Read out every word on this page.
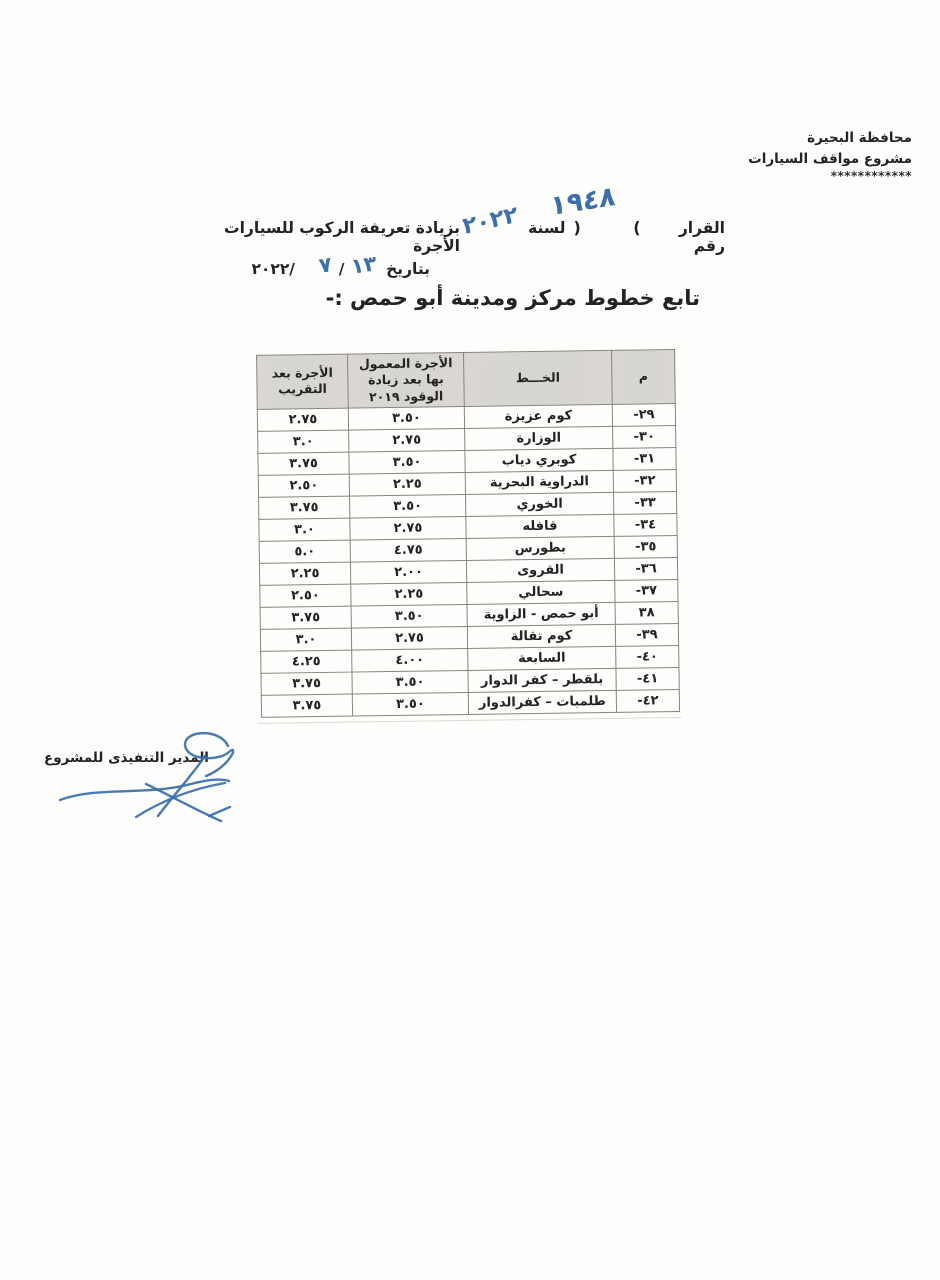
محافظة البحيرة
مشروع مواقف السيارات
************
١٩٤٨
بزيادة تعريفة الركوب للسيارات الأجرة
٢٠٢٢ لسنة )	(	القرار رقم
٢٠٢٢ / ٧ / ١٣ بتاريخ
تابع خطوط مركز ومدينة أبو حمص :-
م	الخـــط	الأجرة المعمول بها بعد زيادة الوقود ٢٠١٩	الأجرة بعد التقريب
-٢٩	كوم عزيزة	٣.٥٠	٢.٧٥
-٣٠	الوزارة	٢.٧٥	٣.٠
-٣١	كوبري دياب	٣.٥٠	٣.٧٥
-٣٢	الدراوية البحرية	٢.٢٥	٢.٥٠
-٣٣	الخوري	٣.٥٠	٣.٧٥
-٣٤	قافله	٢.٧٥	٣.٠
-٣٥	بطورس	٤.٧٥	٥.٠
-٣٦	القروى	٢.٠٠	٢.٢٥
-٣٧	سحالي	٢.٢٥	٢.٥٠
٣٨	أبو حمص - الزاوية	٣.٥٠	٣.٧٥
-٣٩	كوم تقالة	٢.٧٥	٣.٠
-٤٠	السابعة	٤.٠٠	٤.٢٥
-٤١	بلقطر – كفر الدوار	٣.٥٠	٣.٧٥
-٤٢	طلمبات – كفرالدوار	٣.٥٠	٣.٧٥
المدير التنفيذى للمشروع
